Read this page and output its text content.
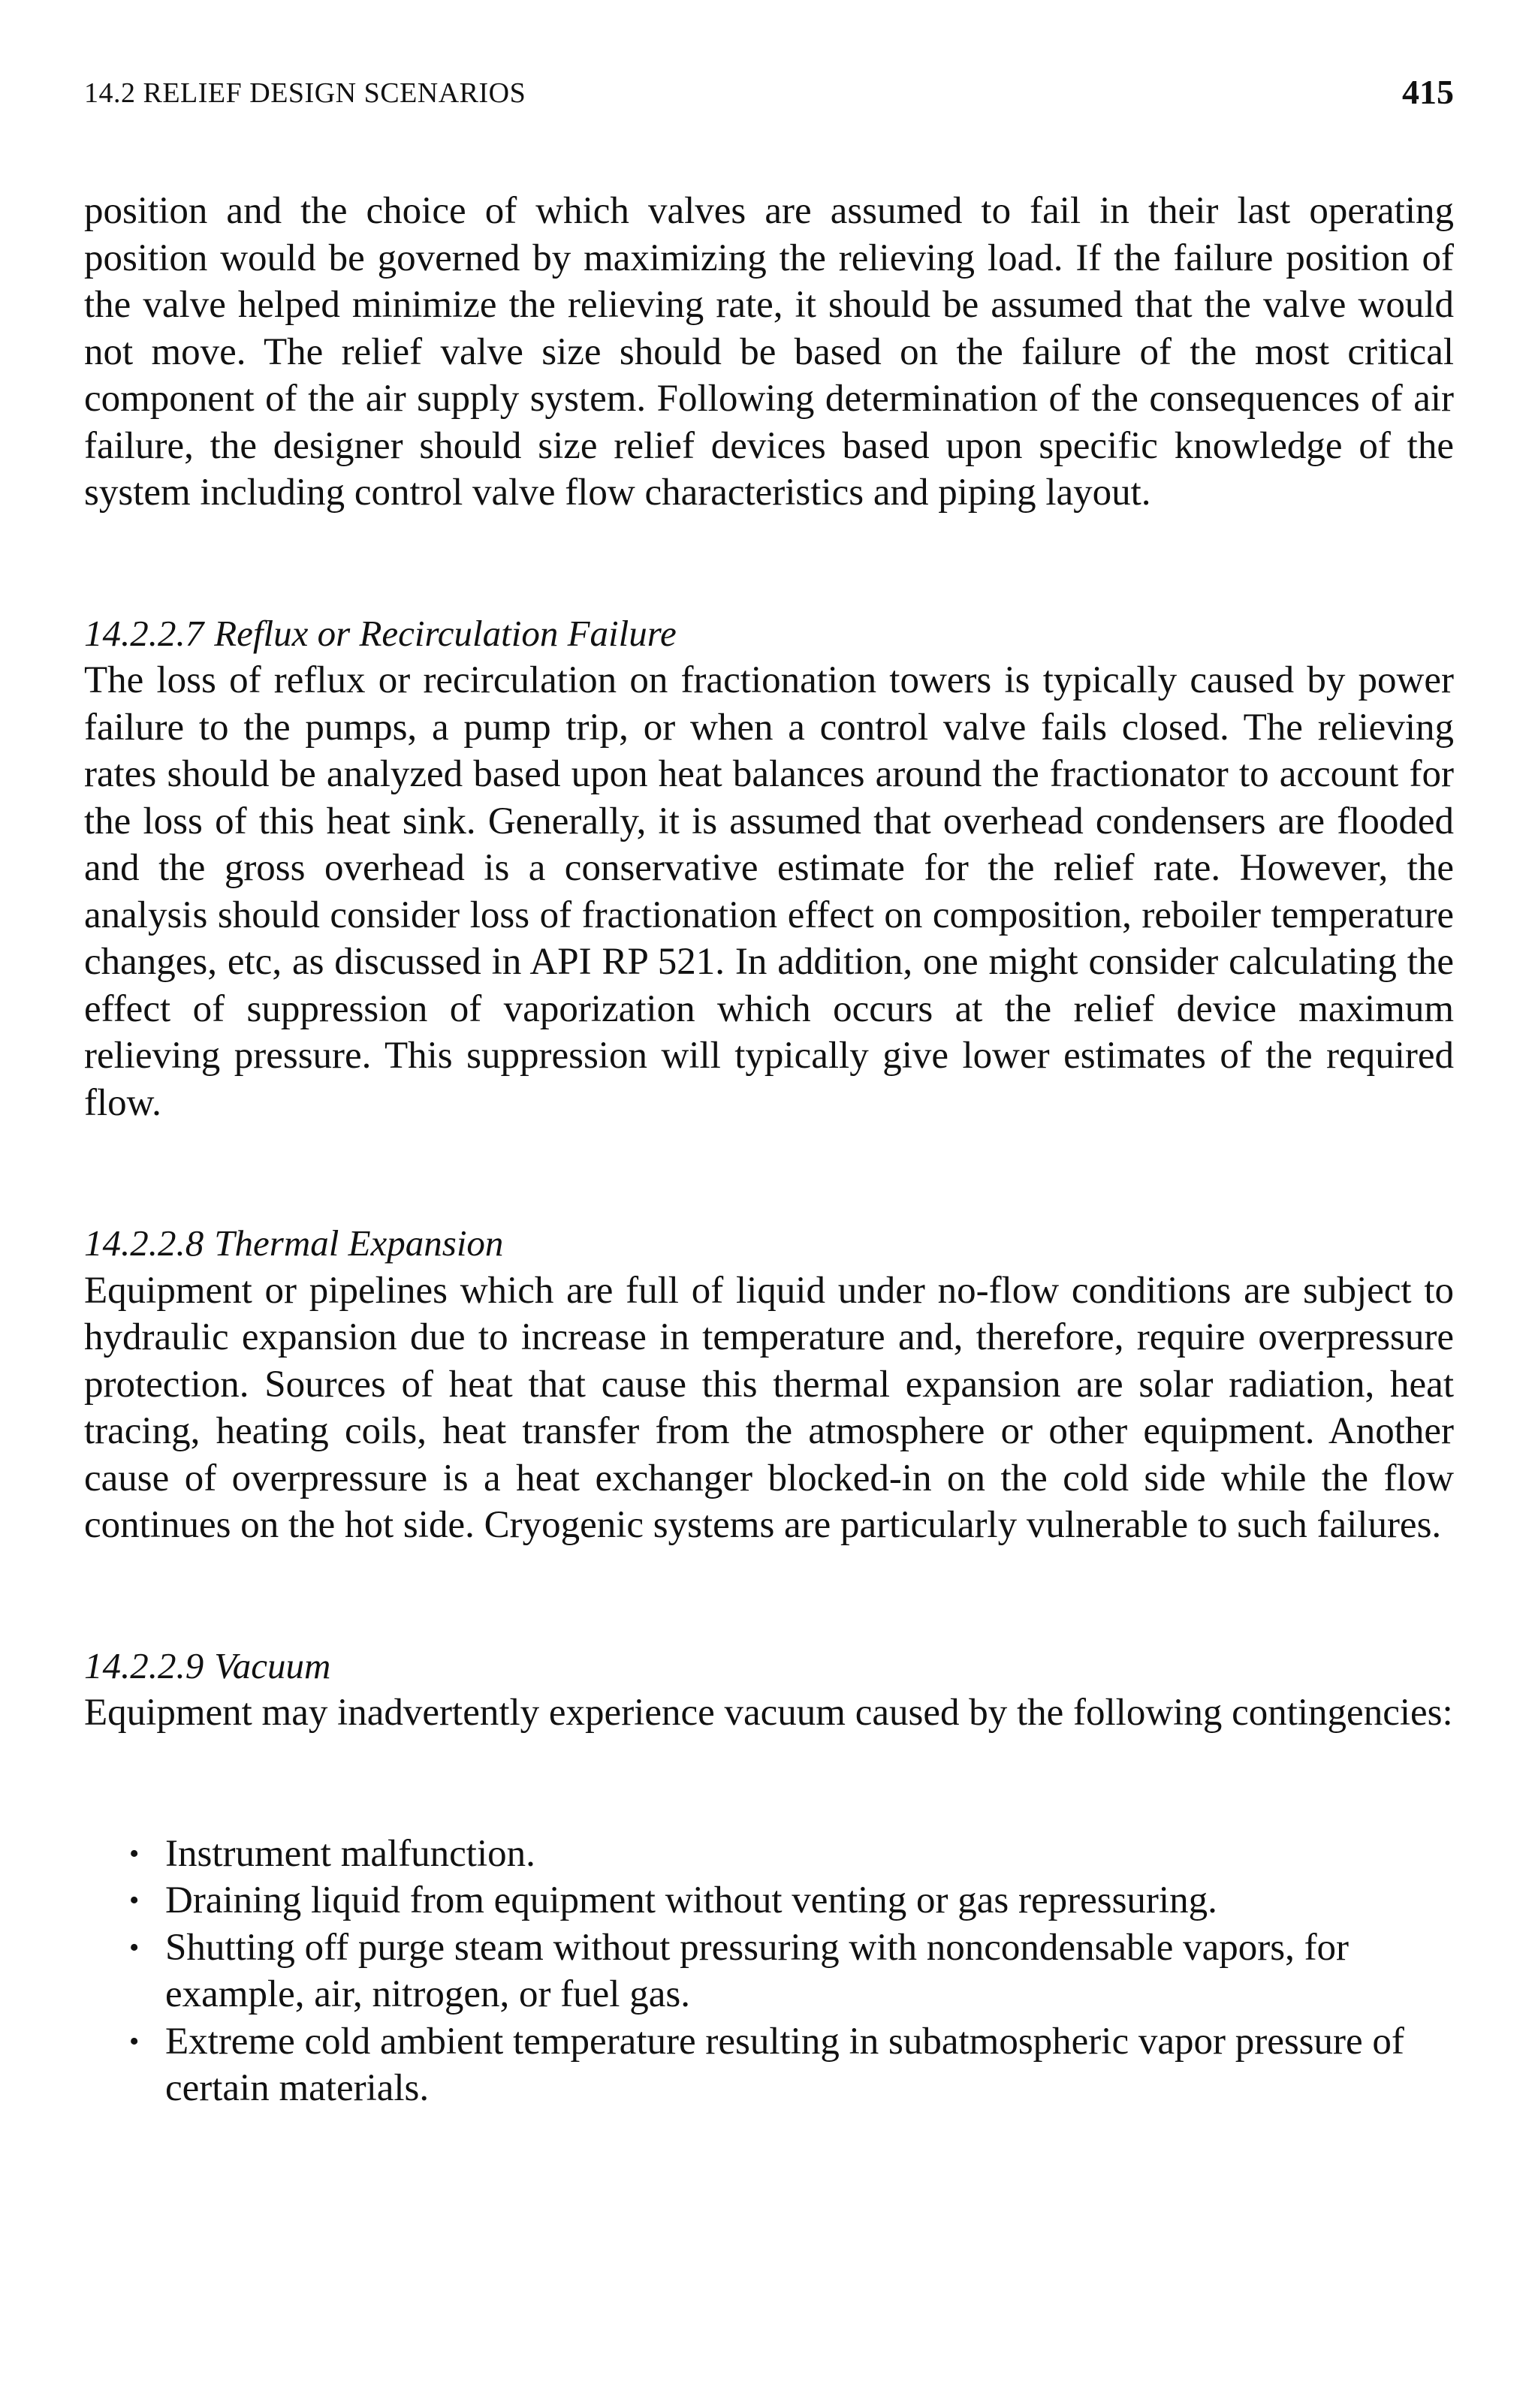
14.2 RELIEF DESIGN SCENARIOS	415

position and the choice of which valves are assumed to fail in their last operating position would be governed by maximizing the relieving load. If the failure position of the valve helped minimize the relieving rate, it should be assumed that the valve would not move. The relief valve size should be based on the failure of the most critical component of the air supply system. Following determination of the consequences of air failure, the designer should size relief devices based upon specific knowledge of the system including control valve flow characteristics and piping layout.

14.2.2.7 Reflux or Recirculation Failure

The loss of reflux or recirculation on fractionation towers is typically caused by power failure to the pumps, a pump trip, or when a control valve fails closed. The relieving rates should be analyzed based upon heat balances around the fractionator to account for the loss of this heat sink. Generally, it is assumed that overhead condensers are flooded and the gross overhead is a conservative estimate for the relief rate. However, the analysis should consider loss of fractionation effect on composition, reboiler temperature changes, etc, as discussed in API RP 521. In addition, one might consider calculating the effect of suppression of vaporization which occurs at the relief device maximum relieving pressure. This suppression will typically give lower estimates of the required flow.

14.2.2.8 Thermal Expansion

Equipment or pipelines which are full of liquid under no-flow conditions are subject to hydraulic expansion due to increase in temperature and, therefore, require overpressure protection. Sources of heat that cause this thermal expansion are solar radiation, heat tracing, heating coils, heat transfer from the atmosphere or other equipment. Another cause of overpressure is a heat exchanger blocked-in on the cold side while the flow continues on the hot side. Cryogenic systems are particularly vulnerable to such failures.

14.2.2.9 Vacuum

Equipment may inadvertently experience vacuum caused by the following contingencies:

• Instrument malfunction.
• Draining liquid from equipment without venting or gas repressuring.
• Shutting off purge steam without pressuring with noncondensable vapors, for example, air, nitrogen, or fuel gas.
• Extreme cold ambient temperature resulting in subatmospheric vapor pressure of certain materials.
